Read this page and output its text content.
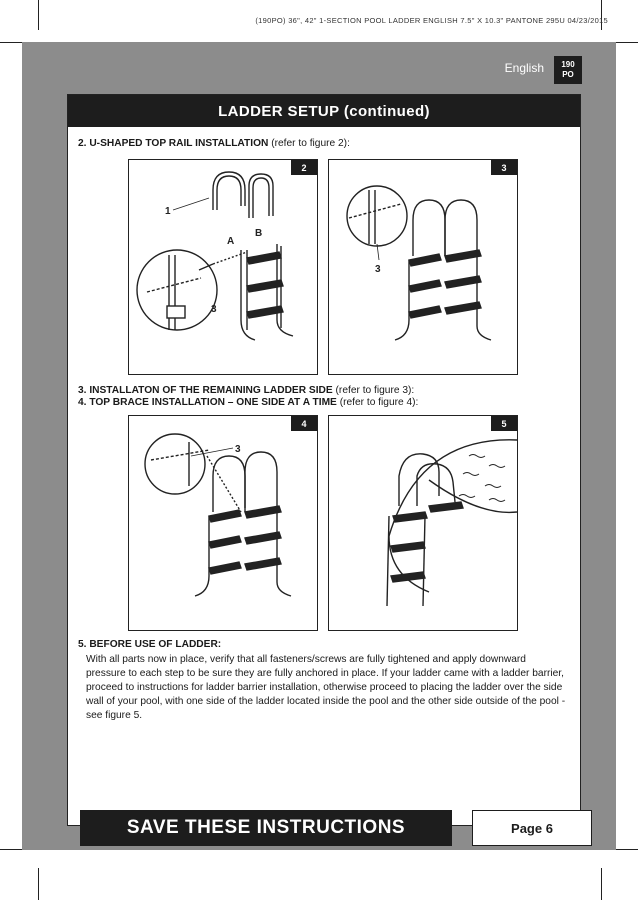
(190PO) 36", 42" 1-SECTION POOL LADDER ENGLISH 7.5" X 10.3" PANTONE 295U 04/23/2015
English 190
PO
LADDER SETUP (continued)
2. U-SHAPED TOP RAIL INSTALLATION (refer to figure 2):
2
1
A
B
3
3
3
3. INSTALLATON OF THE REMAINING LADDER SIDE (refer to figure 3):
4. TOP BRACE INSTALLATION – ONE SIDE AT A TIME (refer to figure 4):
4
3
5
5. BEFORE USE OF LADDER:
With all parts now in place, verify that all fasteners/screws are fully tightened and apply downward pressure to each step to be sure they are fully anchored in place. If your ladder came with a ladder barrier, proceed to instructions for ladder barrier installation, otherwise proceed to placing the ladder over the side wall of your pool, with one side of the ladder located inside the pool and the other side outside of the pool - see figure 5.
SAVE THESE INSTRUCTIONS	Page 6
